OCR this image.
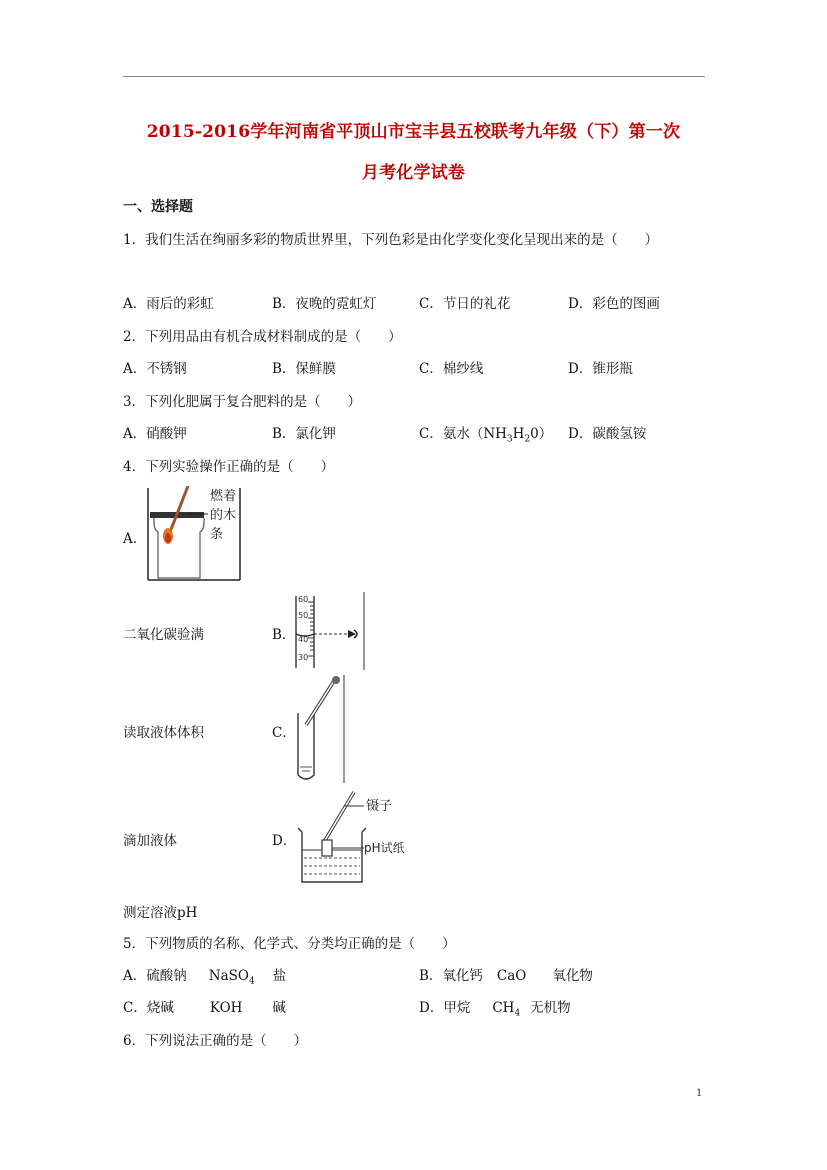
2015-2016学年河南省平顶山市宝丰县五校联考九年级（下）第一次
月考化学试卷
一、选择题
1．我们生活在绚丽多彩的物质世界里，下列色彩是由化学变化变化呈现出来的是（　　）
A．雨后的彩虹	B．夜晚的霓虹灯	C．节日的礼花	D．彩色的图画
2．下列用品由有机合成材料制成的是（　　）
A．不锈钢	B．保鲜膜	C．棉纱线	D．锥形瓶
3．下列化肥属于复合肥料的是（　　）
A．硝酸钾	B．氯化钾	C．氨水$(NH_3H_20)$ D．碳酸氢铵
4．下列实验操作正确的是（　　）
A．
燃着
的木
条
二氧化碳验满	B．
60
50
40
30
读取液体体积	C．
滴加液体	D．
镊子
pH试纸
测定溶液pH
5．下列物质的名称、化学式、分类均正确的是（　　）
A．硫酸钠 NaSO$_4$ 盐	B．氧化钙 CaO 氧化物
C．烧碱	KOH 碱	D．甲烷 $CH_4$ 无机物
6．下列说法正确的是（　　）
1
